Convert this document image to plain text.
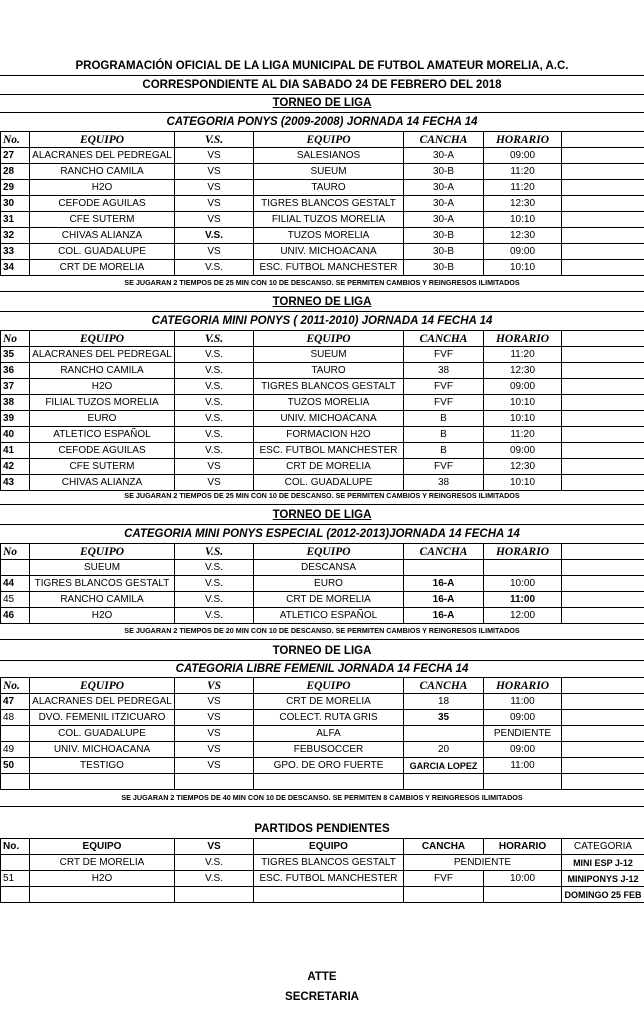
PROGRAMACIÓN OFICIAL DE LA LIGA MUNICIPAL DE FUTBOL AMATEUR MORELIA, A.C.
CORRESPONDIENTE AL DIA SABADO 24 DE FEBRERO DEL 2018
TORNEO DE LIGA
CATEGORIA PONYS (2009-2008) JORNADA 14 FECHA 14
No.	EQUIPO	V.S.	EQUIPO	CANCHA	HORARIO	
27	ALACRANES DEL PEDREGAL	VS	SALESIANOS	30-A	09:00	
28	RANCHO CAMILA	VS	SUEUM	30-B	11:20	
29	H2O	VS	TAURO	30-A	11:20	
30	CEFODE AGUILAS	VS	TIGRES BLANCOS GESTALT	30-A	12:30	
31	CFE SUTERM	VS	FILIAL TUZOS MORELIA	30-A	10:10	
32	CHIVAS ALIANZA	V.S.	TUZOS MORELIA	30-B	12:30	
33	COL. GUADALUPE	VS	UNIV. MICHOACANA	30-B	09:00	
34	CRT DE MORELIA	V.S.	ESC. FUTBOL MANCHESTER	30-B	10:10	
SE JUGARAN 2 TIEMPOS DE 25 MIN CON 10 DE DESCANSO. SE PERMITEN CAMBIOS Y REINGRESOS ILIMITADOS
TORNEO DE LIGA
CATEGORIA MINI PONYS ( 2011-2010) JORNADA 14 FECHA 14
No	EQUIPO	V.S.	EQUIPO	CANCHA	HORARIO	
35	ALACRANES DEL PEDREGAL	V.S.	SUEUM	FVF	11:20	
36	RANCHO CAMILA	V.S.	TAURO	38	12:30	
37	H2O	V.S.	TIGRES BLANCOS GESTALT	FVF	09:00	
38	FILIAL TUZOS MORELIA	V.S.	TUZOS MORELIA	FVF	10:10	
39	EURO	V.S.	UNIV. MICHOACANA	B	10:10	
40	ATLETICO ESPAÑOL	V.S.	FORMACION H2O	B	11:20	
41	CEFODE AGUILAS	V.S.	ESC. FUTBOL MANCHESTER	B	09:00	
42	CFE SUTERM	VS	CRT DE MORELIA	FVF	12:30	
43	CHIVAS ALIANZA	VS	COL. GUADALUPE	38	10:10	
SE JUGARAN 2 TIEMPOS DE 25 MIN CON 10 DE DESCANSO. SE PERMITEN CAMBIOS Y REINGRESOS ILIMITADOS
TORNEO DE LIGA
CATEGORIA MINI PONYS ESPECIAL (2012-2013)JORNADA 14 FECHA 14
No	EQUIPO	V.S.	EQUIPO	CANCHA	HORARIO	
	SUEUM	V.S.	DESCANSA			
44	TIGRES BLANCOS GESTALT	V.S.	EURO	16-A	10:00	
45	RANCHO CAMILA	V.S.	CRT DE MORELIA	16-A	11:00	
46	H2O	V.S.	ATLETICO ESPAÑOL	16-A	12:00	
SE JUGARAN 2 TIEMPOS DE 20 MIN CON 10 DE DESCANSO. SE PERMITEN CAMBIOS Y REINGRESOS ILIMITADOS
TORNEO DE LIGA
CATEGORIA LIBRE FEMENIL JORNADA 14 FECHA 14
No.	EQUIPO	VS	EQUIPO	CANCHA	HORARIO	
47	ALACRANES DEL PEDREGAL	VS	CRT DE MORELIA	18	11:00	
48	DVO. FEMENIL ITZICUARO	VS	COLECT. RUTA GRIS	35	09:00	
	COL. GUADALUPE	VS	ALFA		PENDIENTE	
49	UNIV. MICHOACANA	VS	FEBUSOCCER	20	09:00	
50	TESTIGO	VS	GPO. DE ORO FUERTE	GARCIA LOPEZ	11:00	

SE JUGARAN 2 TIEMPOS DE 40 MIN CON 10 DE DESCANSO. SE PERMITEN 8 CAMBIOS Y REINGRESOS ILIMITADOS
PARTIDOS PENDIENTES
No.	EQUIPO	VS	EQUIPO	CANCHA	HORARIO	CATEGORIA
	CRT DE MORELIA	V.S.	TIGRES BLANCOS GESTALT	PENDIENTE		MINI ESP J-12
51	H2O	V.S.	ESC. FUTBOL MANCHESTER	FVF	10:00	MINIPONYS J-12
						DOMINGO 25 FEB
ATTE
SECRETARIA
